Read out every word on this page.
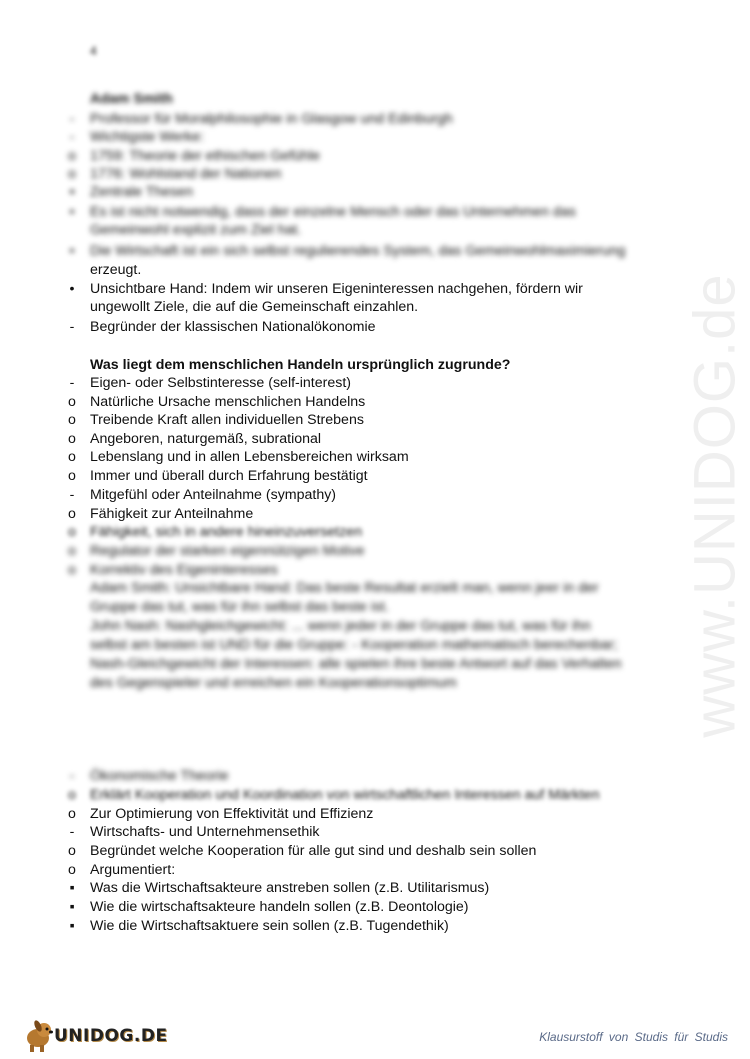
4
www.UNIDOG.de
Adam Smith
-	Professor für Moralphilosophie in Glasgow und Edinburgh
-	Wichtigste Werke:
o 1759: Theorie der ethischen Gefühle
o 1776: Wohlstand der Nationen
▪	Zentrale Thesen
•	Es ist nicht notwendig, dass der einzelne Mensch oder das Unternehmen das
Gemeinwohl explizit zum Ziel hat.
•	Die Wirtschaft ist ein sich selbst regulierendes System, das Gemeinwohlmaximierung
erzeugt.
•	Unsichtbare Hand: Indem wir unseren Eigeninteressen nachgehen, fördern wir
ungewollt Ziele, die auf die Gemeinschaft einzahlen.
-	Begründer der klassischen Nationalökonomie
Was liegt dem menschlichen Handeln ursprünglich zugrunde?
-	Eigen- oder Selbstinteresse (self-interest)
o Natürliche Ursache menschlichen Handelns
o Treibende Kraft allen individuellen Strebens
o Angeboren, naturgemäß, subrational
o Lebenslang und in allen Lebensbereichen wirksam
o Immer und überall durch Erfahrung bestätigt
-	Mitgefühl oder Anteilnahme (sympathy)
o Fähigkeit zur Anteilnahme
o Fähigkeit, sich in andere hineinzuversetzen
o Regulator der starken eigennützigen Motive
o Korrektiv des Eigeninteresses
Adam Smith: Unsichtbare Hand: Das beste Resultat erzielt man, wenn jeer in der
Gruppe das tut, was für ihn selbst das beste ist.
John Nash: Nashgleichgewicht: ... wenn jeder in der Gruppe das tut, was für ihn
selbst am besten ist UND für die Gruppe: - Kooperation mathematisch berechenbar;
Nash-Gleichgewicht der Interessen: alle spielen ihre beste Antwort auf das Verhalten
des Gegenspieler und erreichen ein Kooperationsoptimum
-	Ökonomische Theorie
o Erklärt Kooperation und Koordination von wirtschaftlichen Interessen auf Märkten
o Zur Optimierung von Effektivität und Effizienz
-	Wirtschafts- und Unternehmensethik
o Begründet welche Kooperation für alle gut sind und deshalb sein sollen
o Argumentiert:
▪	Was die Wirtschaftsakteure anstreben sollen (z.B. Utilitarismus)
▪	Wie die wirtschaftsakteure handeln sollen (z.B. Deontologie)
▪	Wie die Wirtschaftsaktuere sein sollen (z.B. Tugendethik)
UNIDOG.DE	Klausurstoff von Studis für Studis
